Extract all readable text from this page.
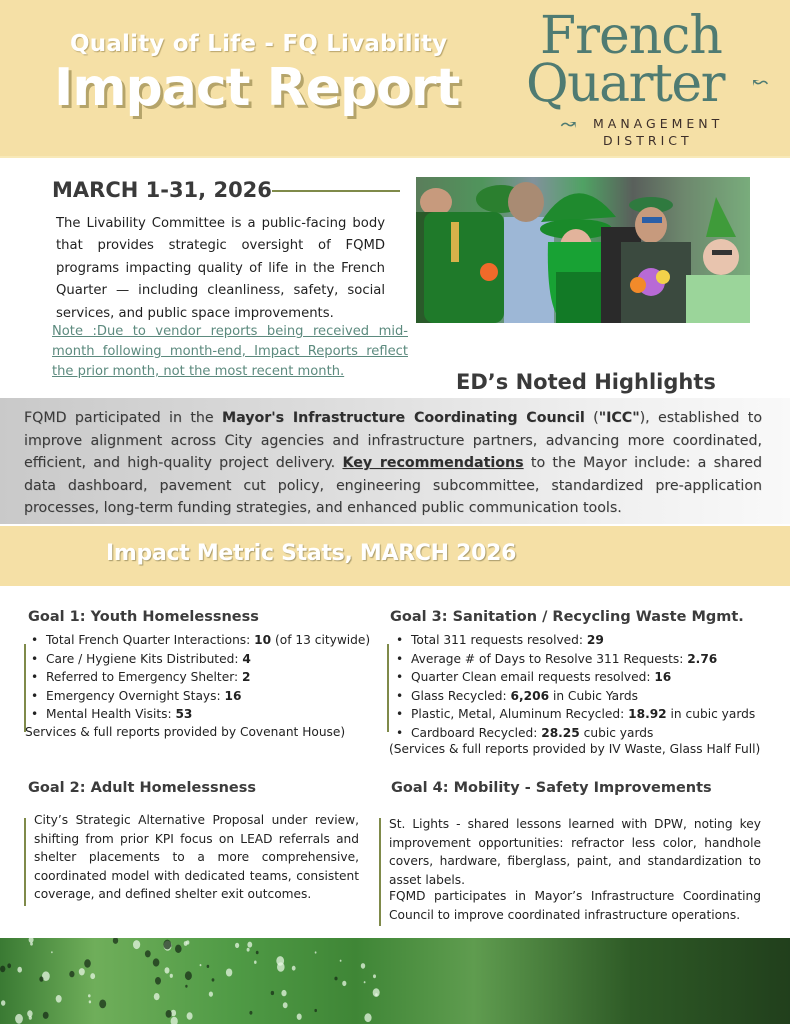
Quality of Life - FQ Livability
Impact Report
French
Quarter ↜
↝ MANAGEMENT
DISTRICT
MARCH 1-31, 2026

The Livability Committee is a public-facing body that provides strategic oversight of FQMD programs impacting quality of life in the French Quarter — including cleanliness, safety, social services, and public space improvements.

Note :Due to vendor reports being received mid-month following month-end, Impact Reports reflect the prior month, not the most recent month.	ED’s Noted Highlights

FQMD participated in the Mayor's Infrastructure Coordinating Council ("ICC"), established to improve alignment across City agencies and infrastructure partners, advancing more coordinated, efficient, and high-quality project delivery. Key recommendations to the Mayor include: a shared data dashboard, pavement cut policy, engineering subcommittee, standardized pre-application processes, long-term funding strategies, and enhanced public communication tools.

Impact Metric Stats, MARCH 2026
Goal 1: Youth Homelessness
• Total French Quarter Interactions: 10 (of 13 citywide)
• Care / Hygiene Kits Distributed: 4
• Referred to Emergency Shelter: 2
• Emergency Overnight Stays: 16
• Mental Health Visits: 53
Services & full reports provided by Covenant House)
Goal 3: Sanitation / Recycling Waste Mgmt.
• Total 311 requests resolved: 29
• Average # of Days to Resolve 311 Requests: 2.76
• Quarter Clean email requests resolved: 16
• Glass Recycled: 6,206 in Cubic Yards
• Plastic, Metal, Aluminum Recycled: 18.92 in cubic yards
• Cardboard Recycled: 28.25 cubic yards
(Services & full reports provided by IV Waste, Glass Half Full)
Goal 2: Adult Homelessness

City’s Strategic Alternative Proposal under review, shifting from prior KPI focus on LEAD referrals and shelter placements to a more comprehensive, coordinated model with dedicated teams, consistent coverage, and defined shelter exit outcomes.

Goal 4: Mobility - Safety Improvements

St. Lights - shared lessons learned with DPW, noting key improvement opportunities: refractor less color, handhole covers, hardware, fiberglass, paint, and standardization to asset labels.

FQMD participates in Mayor’s Infrastructure Coordinating Council to improve coordinated infrastructure operations.
